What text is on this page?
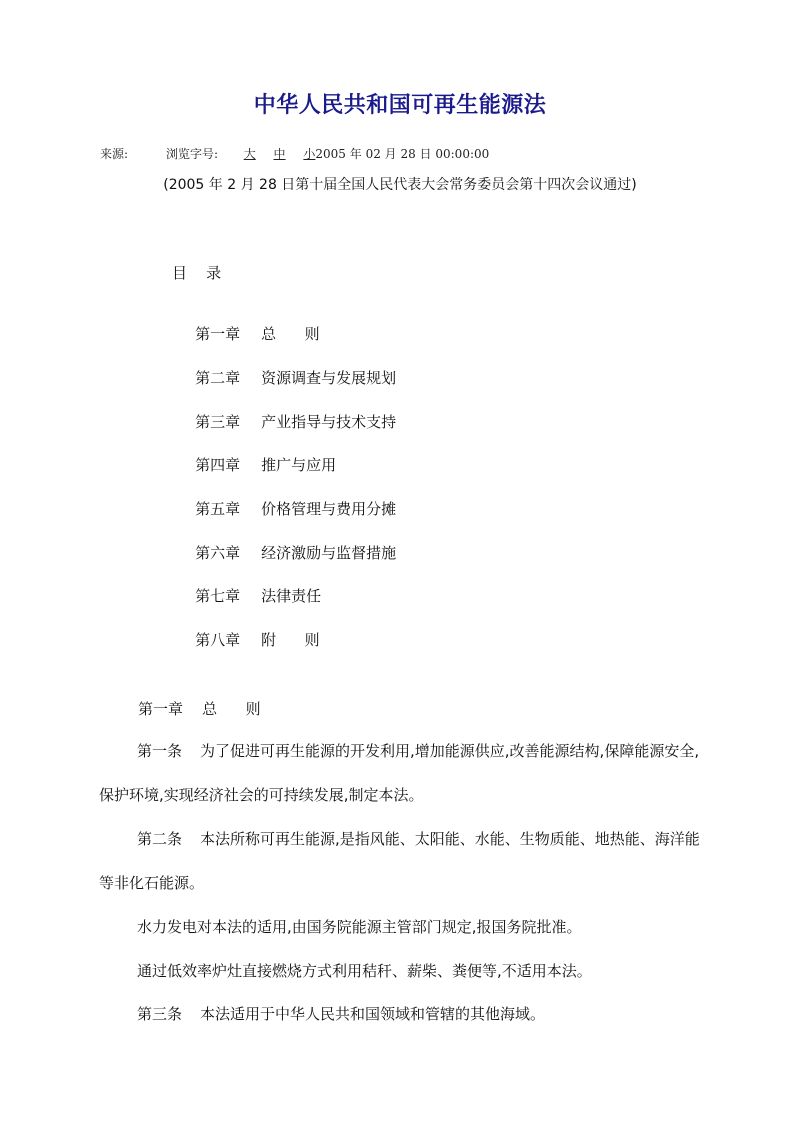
中华人民共和国可再生能源法
来源:	浏览字号: 大 中 小2005 年 02 月 28 日 00:00:00
(2005 年 2 月 28 日第十届全国人民代表大会常务委员会第十四次会议通过)
目    录

第一章 总      则

第二章 资源调查与发展规划

第三章 产业指导与技术支持

第四章 推广与应用

第五章 价格管理与费用分摊

第六章 经济激励与监督措施

第七章 法律责任

第八章 附      则

第一章    总      则
第一条 为了促进可再生能源的开发利用,增加能源供应,改善能源结构,保障能源安全,保护环境,实现经济社会的可持续发展,制定本法。
第二条 本法所称可再生能源,是指风能、太阳能、水能、生物质能、地热能、海洋能等非化石能源。
水力发电对本法的适用,由国务院能源主管部门规定,报国务院批准。
通过低效率炉灶直接燃烧方式利用秸秆、薪柴、粪便等,不适用本法。
第三条 本法适用于中华人民共和国领域和管辖的其他海域。
